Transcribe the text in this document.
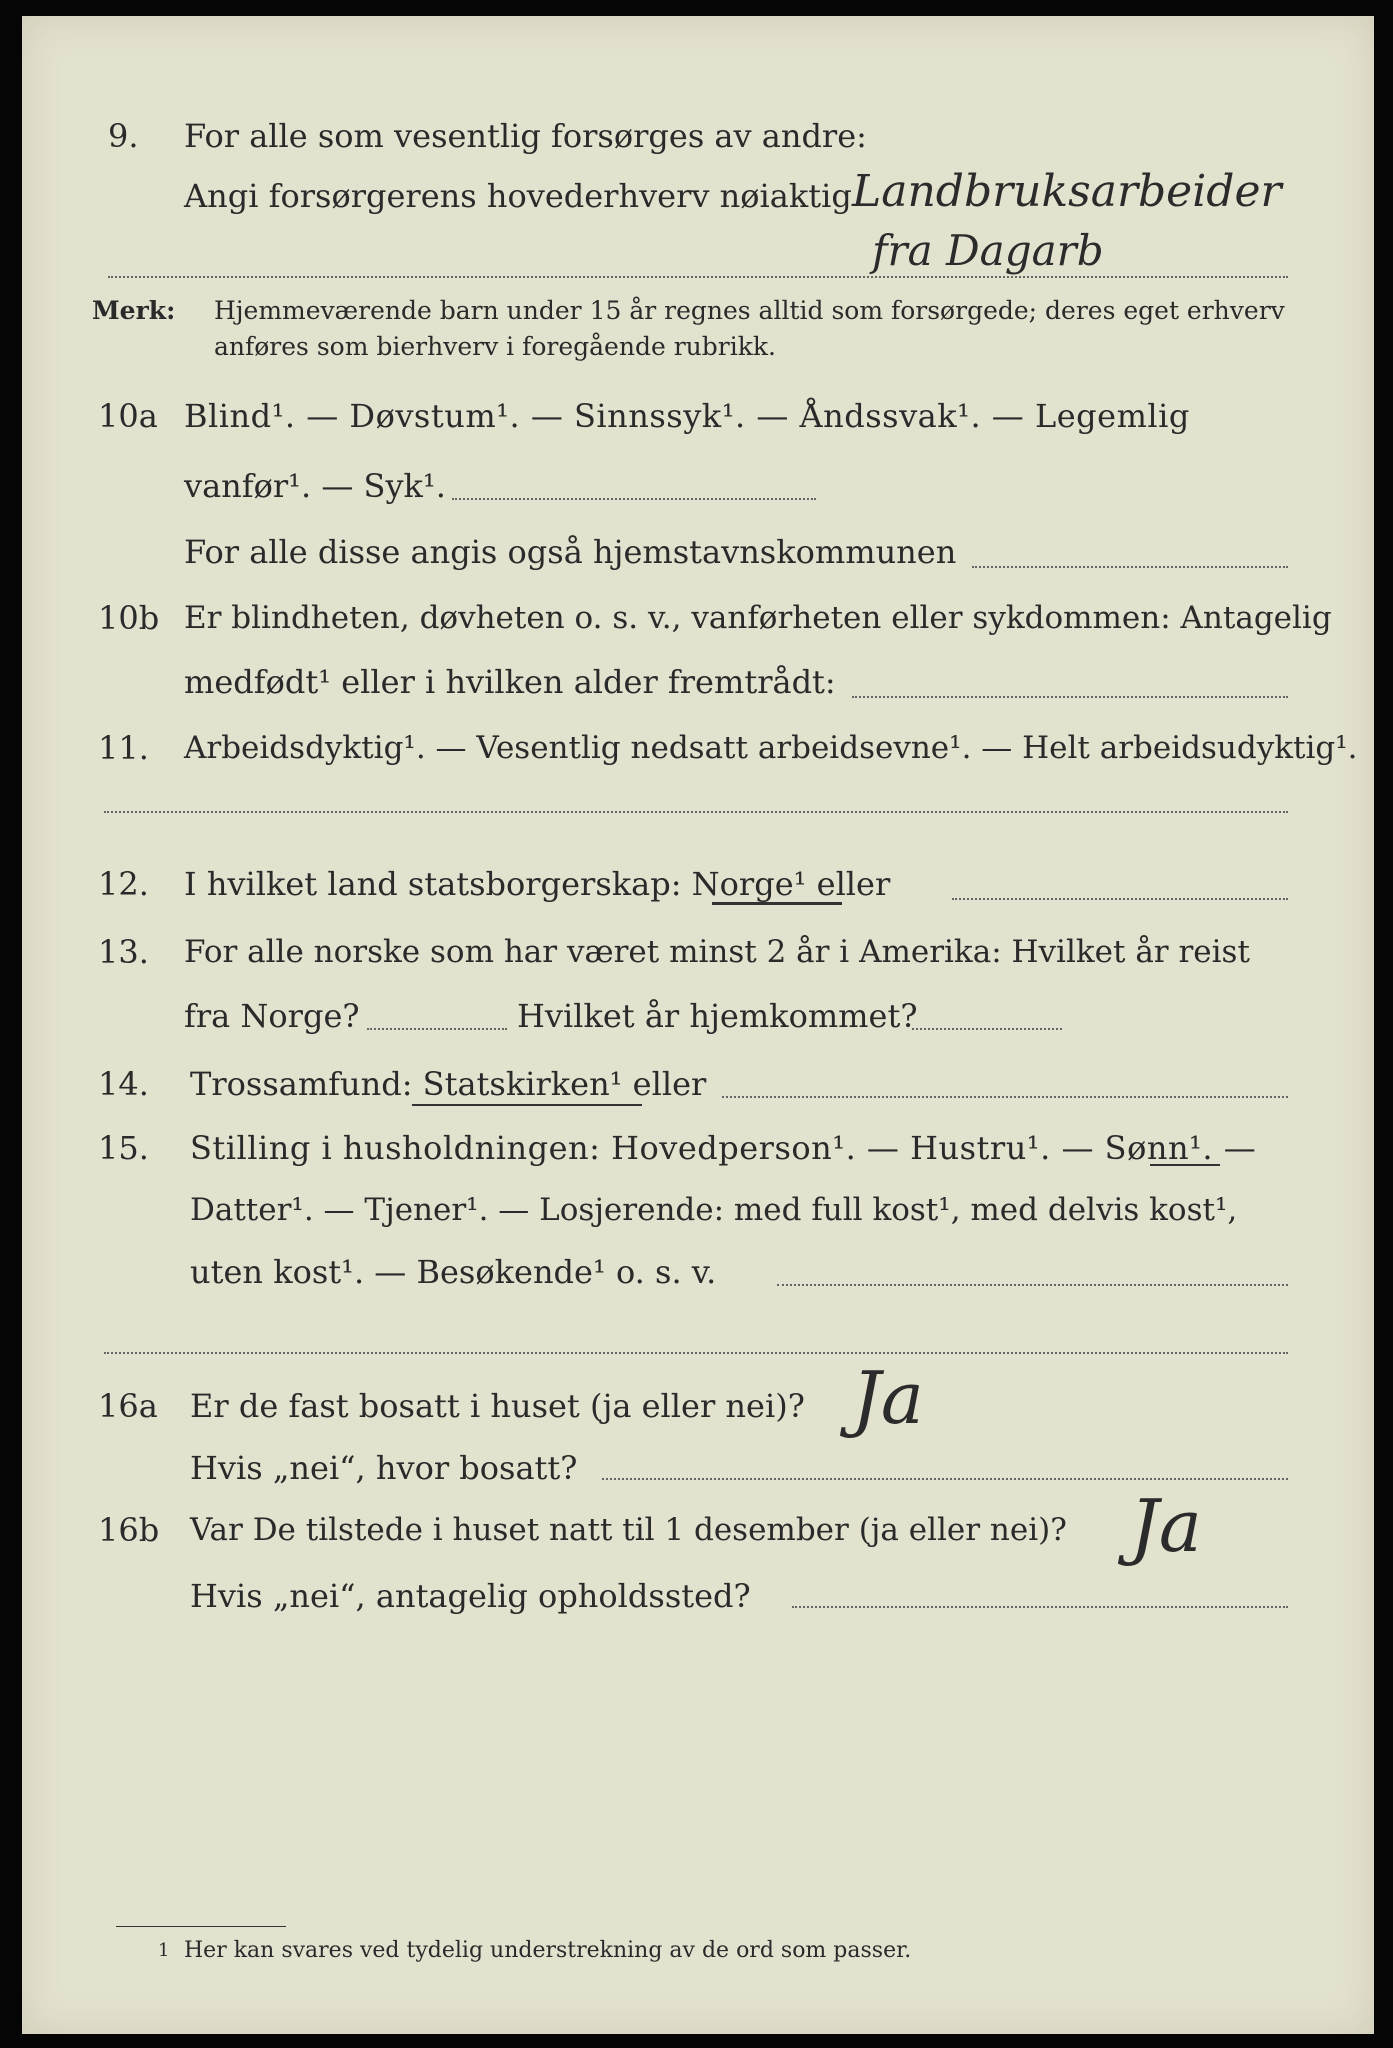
9. For alle som vesentlig forsørges av andre:
Angi forsørgerens hovederhverv nøiaktig Landbruksarbeider
fra Dagarb
Merk: Hjemmeværende barn under 15 år regnes alltid som forsørgede; deres eget erhverv
anføres som bierhverv i foregående rubrikk.
10a Blind¹. — Døvstum¹. — Sinnssyk¹. — Åndssvak¹. — Legemlig
vanfør¹. — Syk¹.
For alle disse angis også hjemstavnskommunen
10b Er blindheten, døvheten o. s. v., vanførheten eller sykdommen: Antagelig
medfødt¹ eller i hvilken alder fremtrådt:
11. Arbeidsdyktig¹. — Vesentlig nedsatt arbeidsevne¹. — Helt arbeidsudyktig¹.
12. I hvilket land statsborgerskap: Norge¹ eller
13. For alle norske som har været minst 2 år i Amerika: Hvilket år reist
fra Norge?	Hvilket år hjemkommet?
14. Trossamfund: Statskirken¹ eller
15. Stilling i husholdningen: Hovedperson¹. — Hustru¹. — Sønn¹. —
Datter¹. — Tjener¹. — Losjerende: med full kost¹, med delvis kost¹,
uten kost¹. — Besøkende¹ o. s. v.
16a Er de fast bosatt i huset (ja eller nei)? Ja
Hvis „nei“, hvor bosatt?
16b Var De tilstede i huset natt til 1 desember (ja eller nei)? Ja
Hvis „nei“, antagelig opholdssted?
1 Her kan svares ved tydelig understrekning av de ord som passer.
